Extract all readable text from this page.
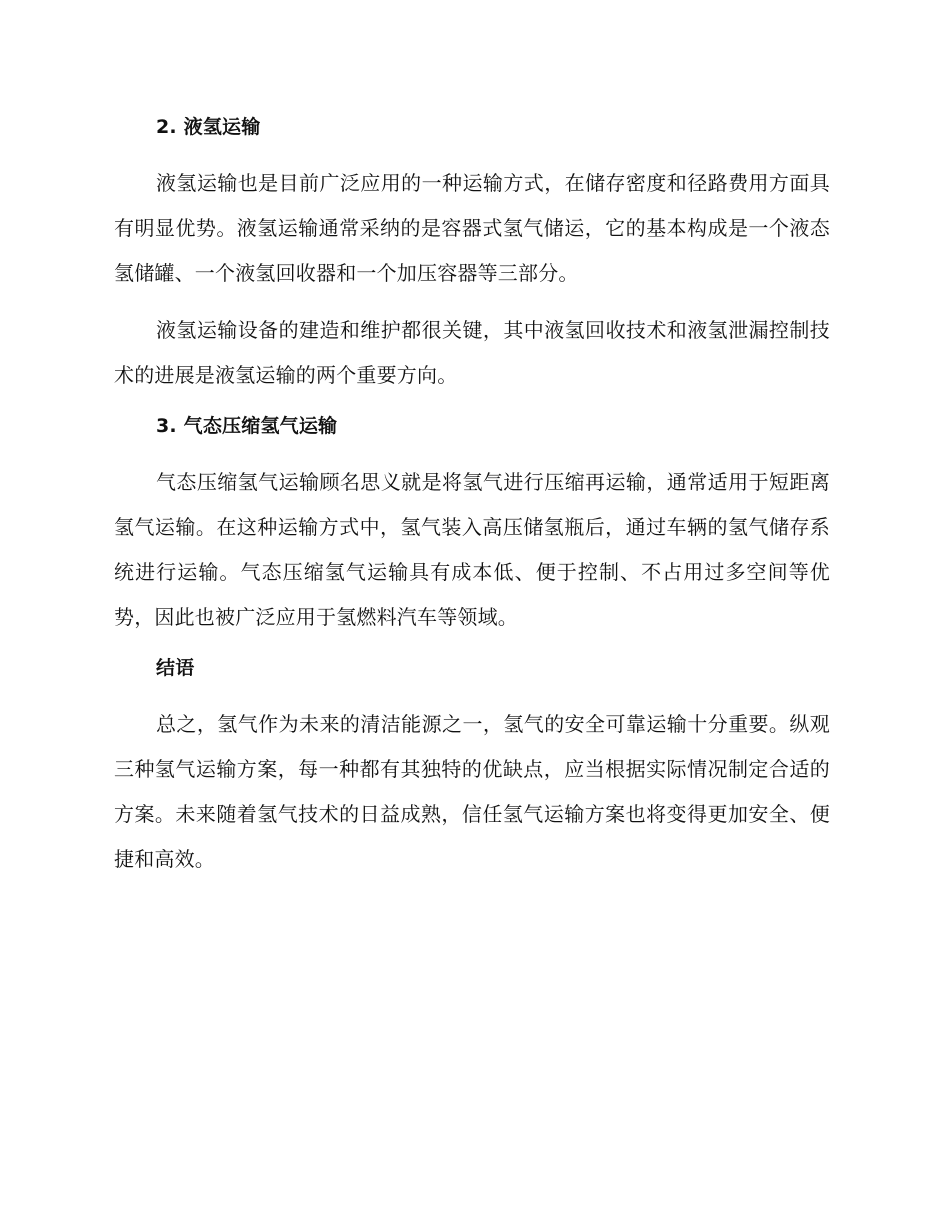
2. 液氢运输

液氢运输也是目前广泛应用的一种运输方式，在储存密度和径路费用方面具有明显优势。液氢运输通常采纳的是容器式氢气储运，它的基本构成是一个液态氢储罐、一个液氢回收器和一个加压容器等三部分。

液氢运输设备的建造和维护都很关键，其中液氢回收技术和液氢泄漏控制技术的进展是液氢运输的两个重要方向。

3. 气态压缩氢气运输

气态压缩氢气运输顾名思义就是将氢气进行压缩再运输，通常适用于短距离氢气运输。在这种运输方式中，氢气装入高压储氢瓶后，通过车辆的氢气储存系统进行运输。气态压缩氢气运输具有成本低、便于控制、不占用过多空间等优势，因此也被广泛应用于氢燃料汽车等领域。

结语

总之，氢气作为未来的清洁能源之一，氢气的安全可靠运输十分重要。纵观三种氢气运输方案，每一种都有其独特的优缺点，应当根据实际情况制定合适的方案。未来随着氢气技术的日益成熟，信任氢气运输方案也将变得更加安全、便捷和高效。
